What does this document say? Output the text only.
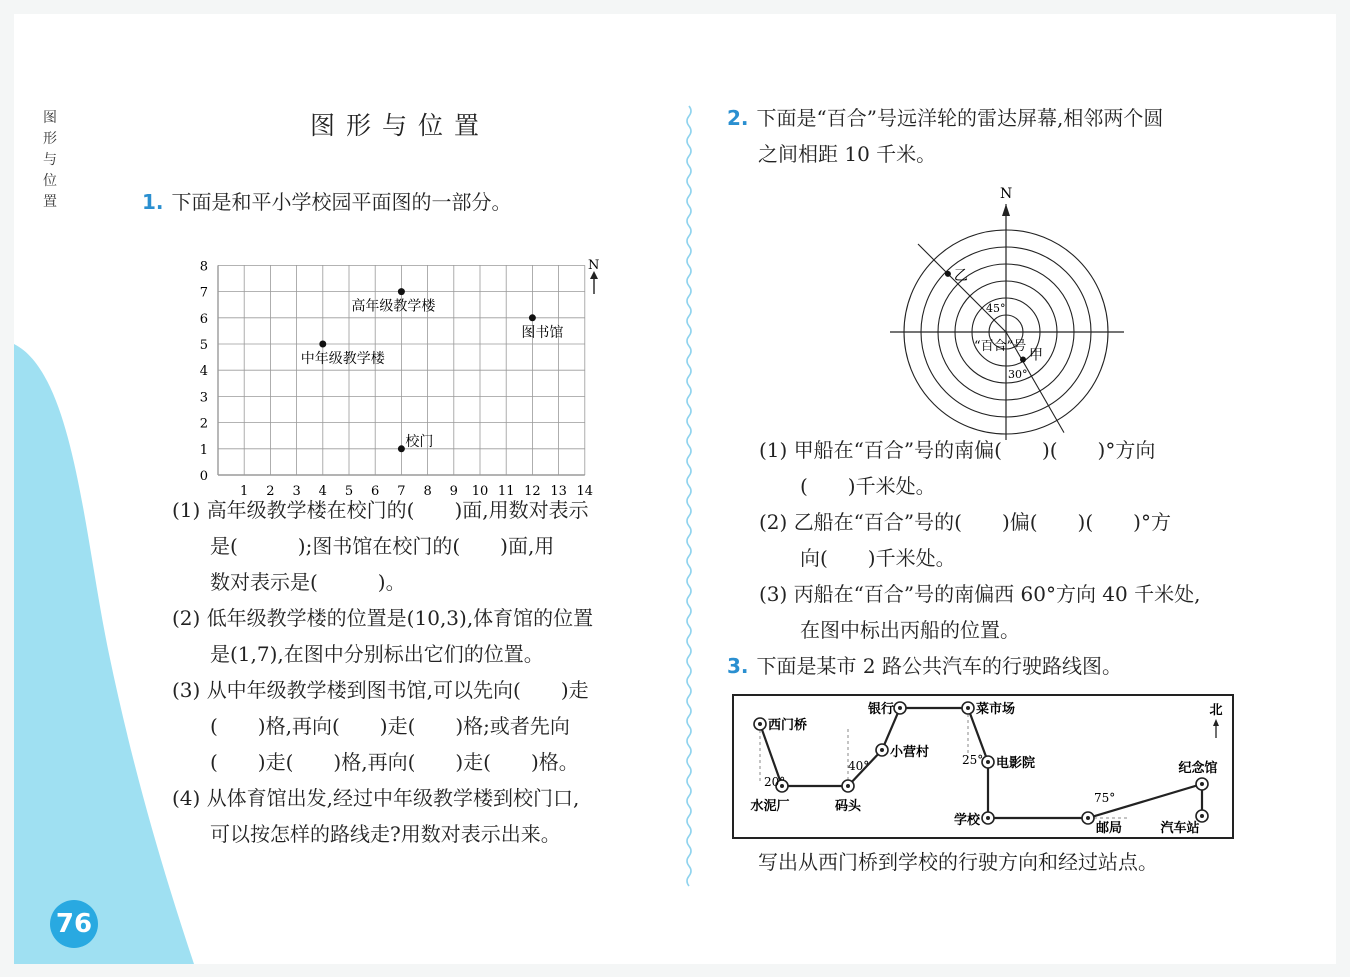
图
形
与
位
置
76
图形与位置
1. 下面是和平小学校园平面图的一部分。
1 2 3 4 5 6 7 8 9 10 11 12 13 14
0
1
2
3
4
5
6
7
8
高年级教学楼
图书馆
中年级教学楼
校门
N
(1) 高年级教学楼在校门的(　　)面,用数对表示
是(　　　);图书馆在校门的(　　)面,用
数对表示是(　　　)。
(2) 低年级教学楼的位置是(10,3),体育馆的位置
是(1,7),在图中分别标出它们的位置。
(3) 从中年级教学楼到图书馆,可以先向(　　)走
(　　)格,再向(　　)走(　　)格;或者先向
(　　)走(　　)格,再向(　　)走(　　)格。
(4) 从体育馆出发,经过中年级教学楼到校门口,
可以按怎样的路线走?用数对表示出来。
2. 下面是“百合”号远洋轮的雷达屏幕,相邻两个圆
之间相距 10 千米。
N
乙
甲
45°
30°
“百合”号
(1) 甲船在“百合”号的南偏(　　)(　　)°方向
(　　)千米处。
(2) 乙船在“百合”号的(　　)偏(　　)(　　)°方
向(　　)千米处。
(3) 丙船在“百合”号的南偏西 60°方向 40 千米处,
在图中标出丙船的位置。
3. 下面是某市 2 路公共汽车的行驶路线图。
西门桥
水泥厂	码头
小营村
银行	菜市场
电影院
学校
邮局
纪念馆
汽车站
20°
40°	25°
75°
北
写出从西门桥到学校的行驶方向和经过站点。
